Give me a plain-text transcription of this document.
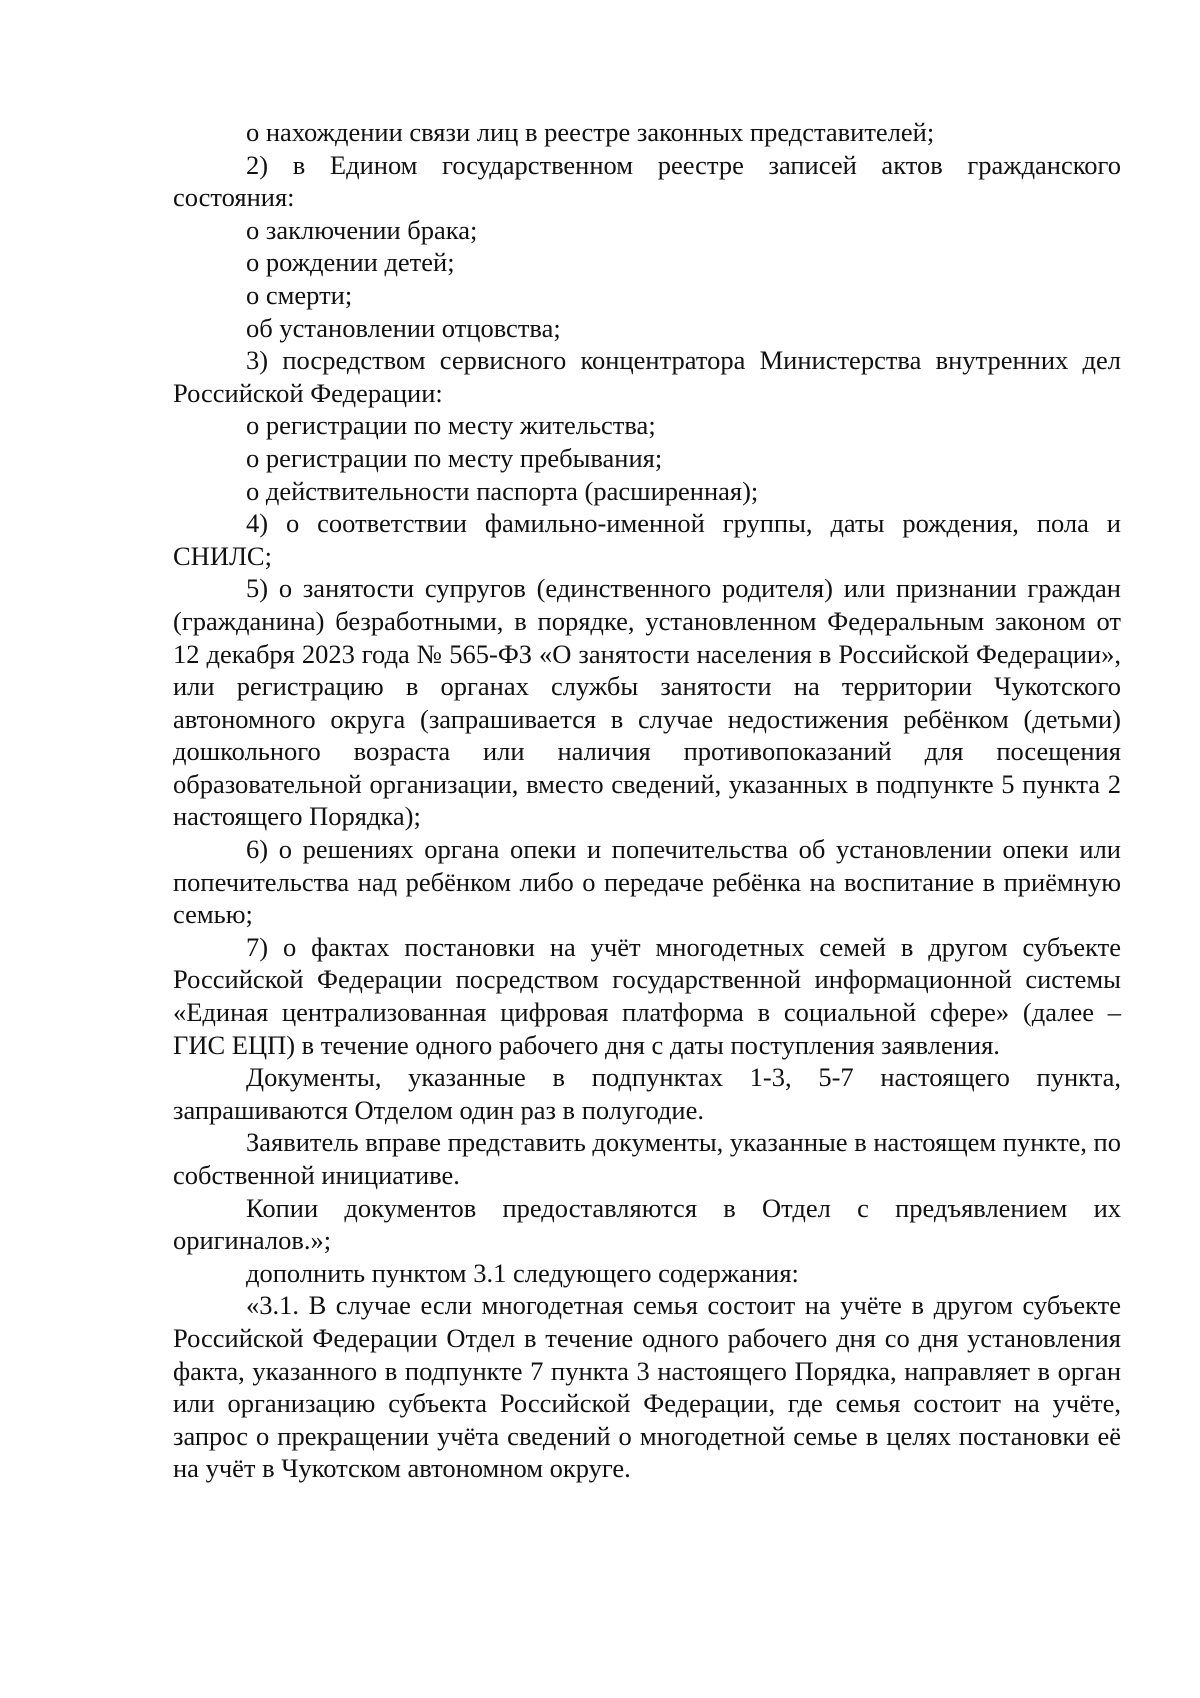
о нахождении связи лиц в реестре законных представителей;

2) в Едином государственном реестре записей актов гражданского состояния:

о заключении брака;

о рождении детей;

о смерти;

об установлении отцовства;

3) посредством сервисного концентратора Министерства внутренних дел Российской Федерации:

о регистрации по месту жительства;

о регистрации по месту пребывания;

о действительности паспорта (расширенная);

4) о соответствии фамильно-именной группы, даты рождения, пола и СНИЛС;

5) о занятости супругов (единственного родителя) или признании граждан (гражданина) безработными, в порядке, установленном Федеральным законом от 12 декабря 2023 года № 565-ФЗ «О занятости населения в Российской Федерации», или регистрацию в органах службы занятости на территории Чукотского автономного округа (запрашивается в случае недостижения ребёнком (детьми) дошкольного возраста или наличия противопоказаний для посещения образовательной организации, вместо сведений, указанных в подпункте 5 пункта 2 настоящего Порядка);

6) о решениях органа опеки и попечительства об установлении опеки или попечительства над ребёнком либо о передаче ребёнка на воспитание в приёмную семью;

7) о фактах постановки на учёт многодетных семей в другом субъекте Российской Федерации посредством государственной информационной системы «Единая централизованная цифровая платформа в социальной сфере» (далее – ГИС ЕЦП) в течение одного рабочего дня с даты поступления заявления.

Документы, указанные в подпунктах 1-3, 5-7 настоящего пункта, запрашиваются Отделом один раз в полугодие.

Заявитель вправе представить документы, указанные в настоящем пункте, по собственной инициативе.

Копии документов предоставляются в Отдел с предъявлением их оригиналов.»;

дополнить пунктом 3.1 следующего содержания:

«3.1. В случае если многодетная семья состоит на учёте в другом субъекте Российской Федерации Отдел в течение одного рабочего дня со дня установления факта, указанного в подпункте 7 пункта 3 настоящего Порядка, направляет в орган или организацию субъекта Российской Федерации, где семья состоит на учёте, запрос о прекращении учёта сведений о многодетной семье в целях постановки её на учёт в Чукотском автономном округе.
